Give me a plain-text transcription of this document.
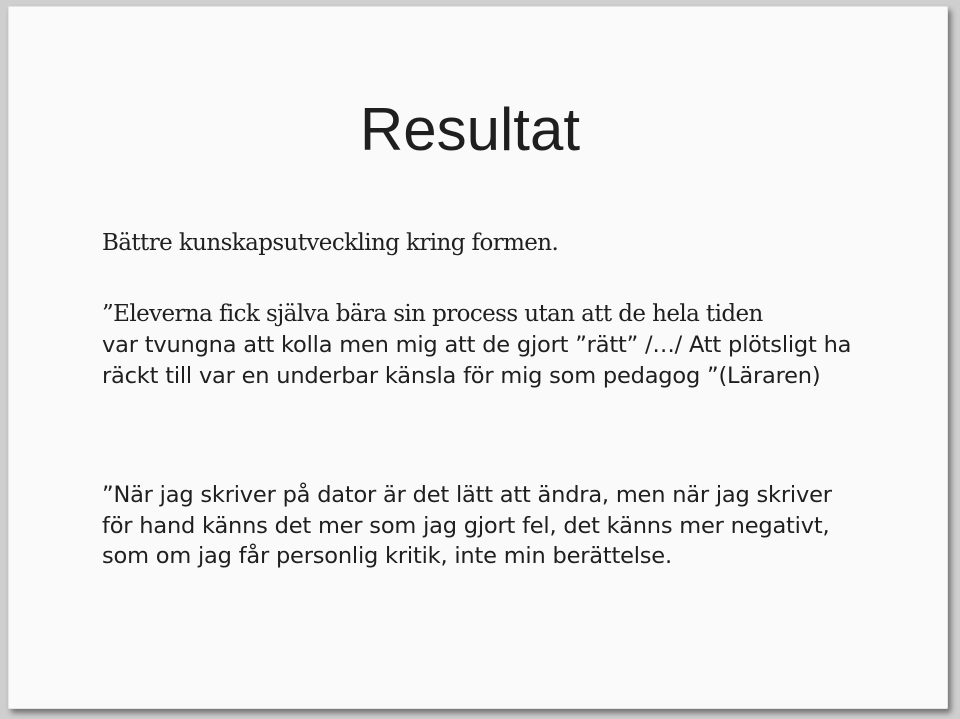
Resultat

Bättre kunskapsutveckling kring formen.

”Eleverna fick själva bära sin process utan att de hela tiden
var tvungna att kolla men mig att de gjort ”rätt” /…/ Att plötsligt ha räckt till var en underbar känsla för mig som pedagog ”(Läraren)

”När jag skriver på dator är det lätt att ändra, men när jag skriver för hand känns det mer som jag gjort fel, det känns mer negativt, som om jag får personlig kritik, inte min berättelse.
